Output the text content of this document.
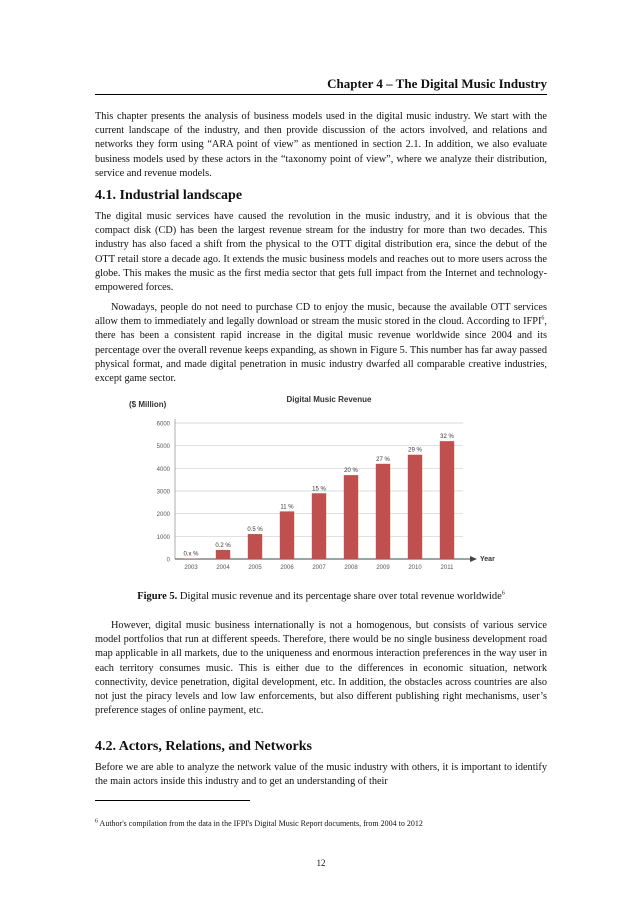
Chapter 4 – The Digital Music Industry

This chapter presents the analysis of business models used in the digital music industry. We start with the current landscape of the industry, and then provide discussion of the actors involved, and relations and networks they form using “ARA point of view” as mentioned in section 2.1. In addition, we also evaluate business models used by these actors in the “taxonomy point of view”, where we analyze their distribution, service and revenue models.

4.1. Industrial landscape

The digital music services have caused the revolution in the music industry, and it is obvious that the compact disk (CD) has been the largest revenue stream for the industry for more than two decades. This industry has also faced a shift from the physical to the OTT digital distribution era, since the debut of the OTT retail store a decade ago. It extends the music business models and reaches out to more users across the globe. This makes the music as the first media sector that gets full impact from the Internet and technology-empowered forces.

Nowadays, people do not need to purchase CD to enjoy the music, because the available OTT services allow them to immediately and legally download or stream the music stored in the cloud. According to IFPI$^6$, there has been a consistent rapid increase in the digital music revenue worldwide since 2004 and its percentage over the overall revenue keeps expanding, as shown in Figure 5. This number has far away passed physical format, and made digital penetration in music industry dwarfed all comparable creative industries, except game sector.

Digital Music Revenue
($ Million)
0
1000
2000
3000
4000
5000
6000
Year
0.x %
2003
0.2 %
2004
0.5 %
2005
11 %
2006
15 %
2007
20 %
2008
27 %
2009
29 %
2010
32 %
2011
Figure 5. Digital music revenue and its percentage share over total revenue worldwide$^6$

However, digital music business internationally is not a homogenous, but consists of various service model portfolios that run at different speeds. Therefore, there would be no single business development road map applicable in all markets, due to the uniqueness and enormous interaction preferences in the way user in each territory consumes music. This is either due to the differences in economic situation, network connectivity, device penetration, digital development, etc. In addition, the obstacles across countries are also not just the piracy levels and low law enforcements, but also different publishing right mechanisms, user’s preference stages of online payment, etc.

4.2. Actors, Relations, and Networks

Before we are able to analyze the network value of the music industry with others, it is important to identify the main actors inside this industry and to get an understanding of their

$^6$ Author's compilation from the data in the IFPI's Digital Music Report documents, from 2004 to 2012
12
